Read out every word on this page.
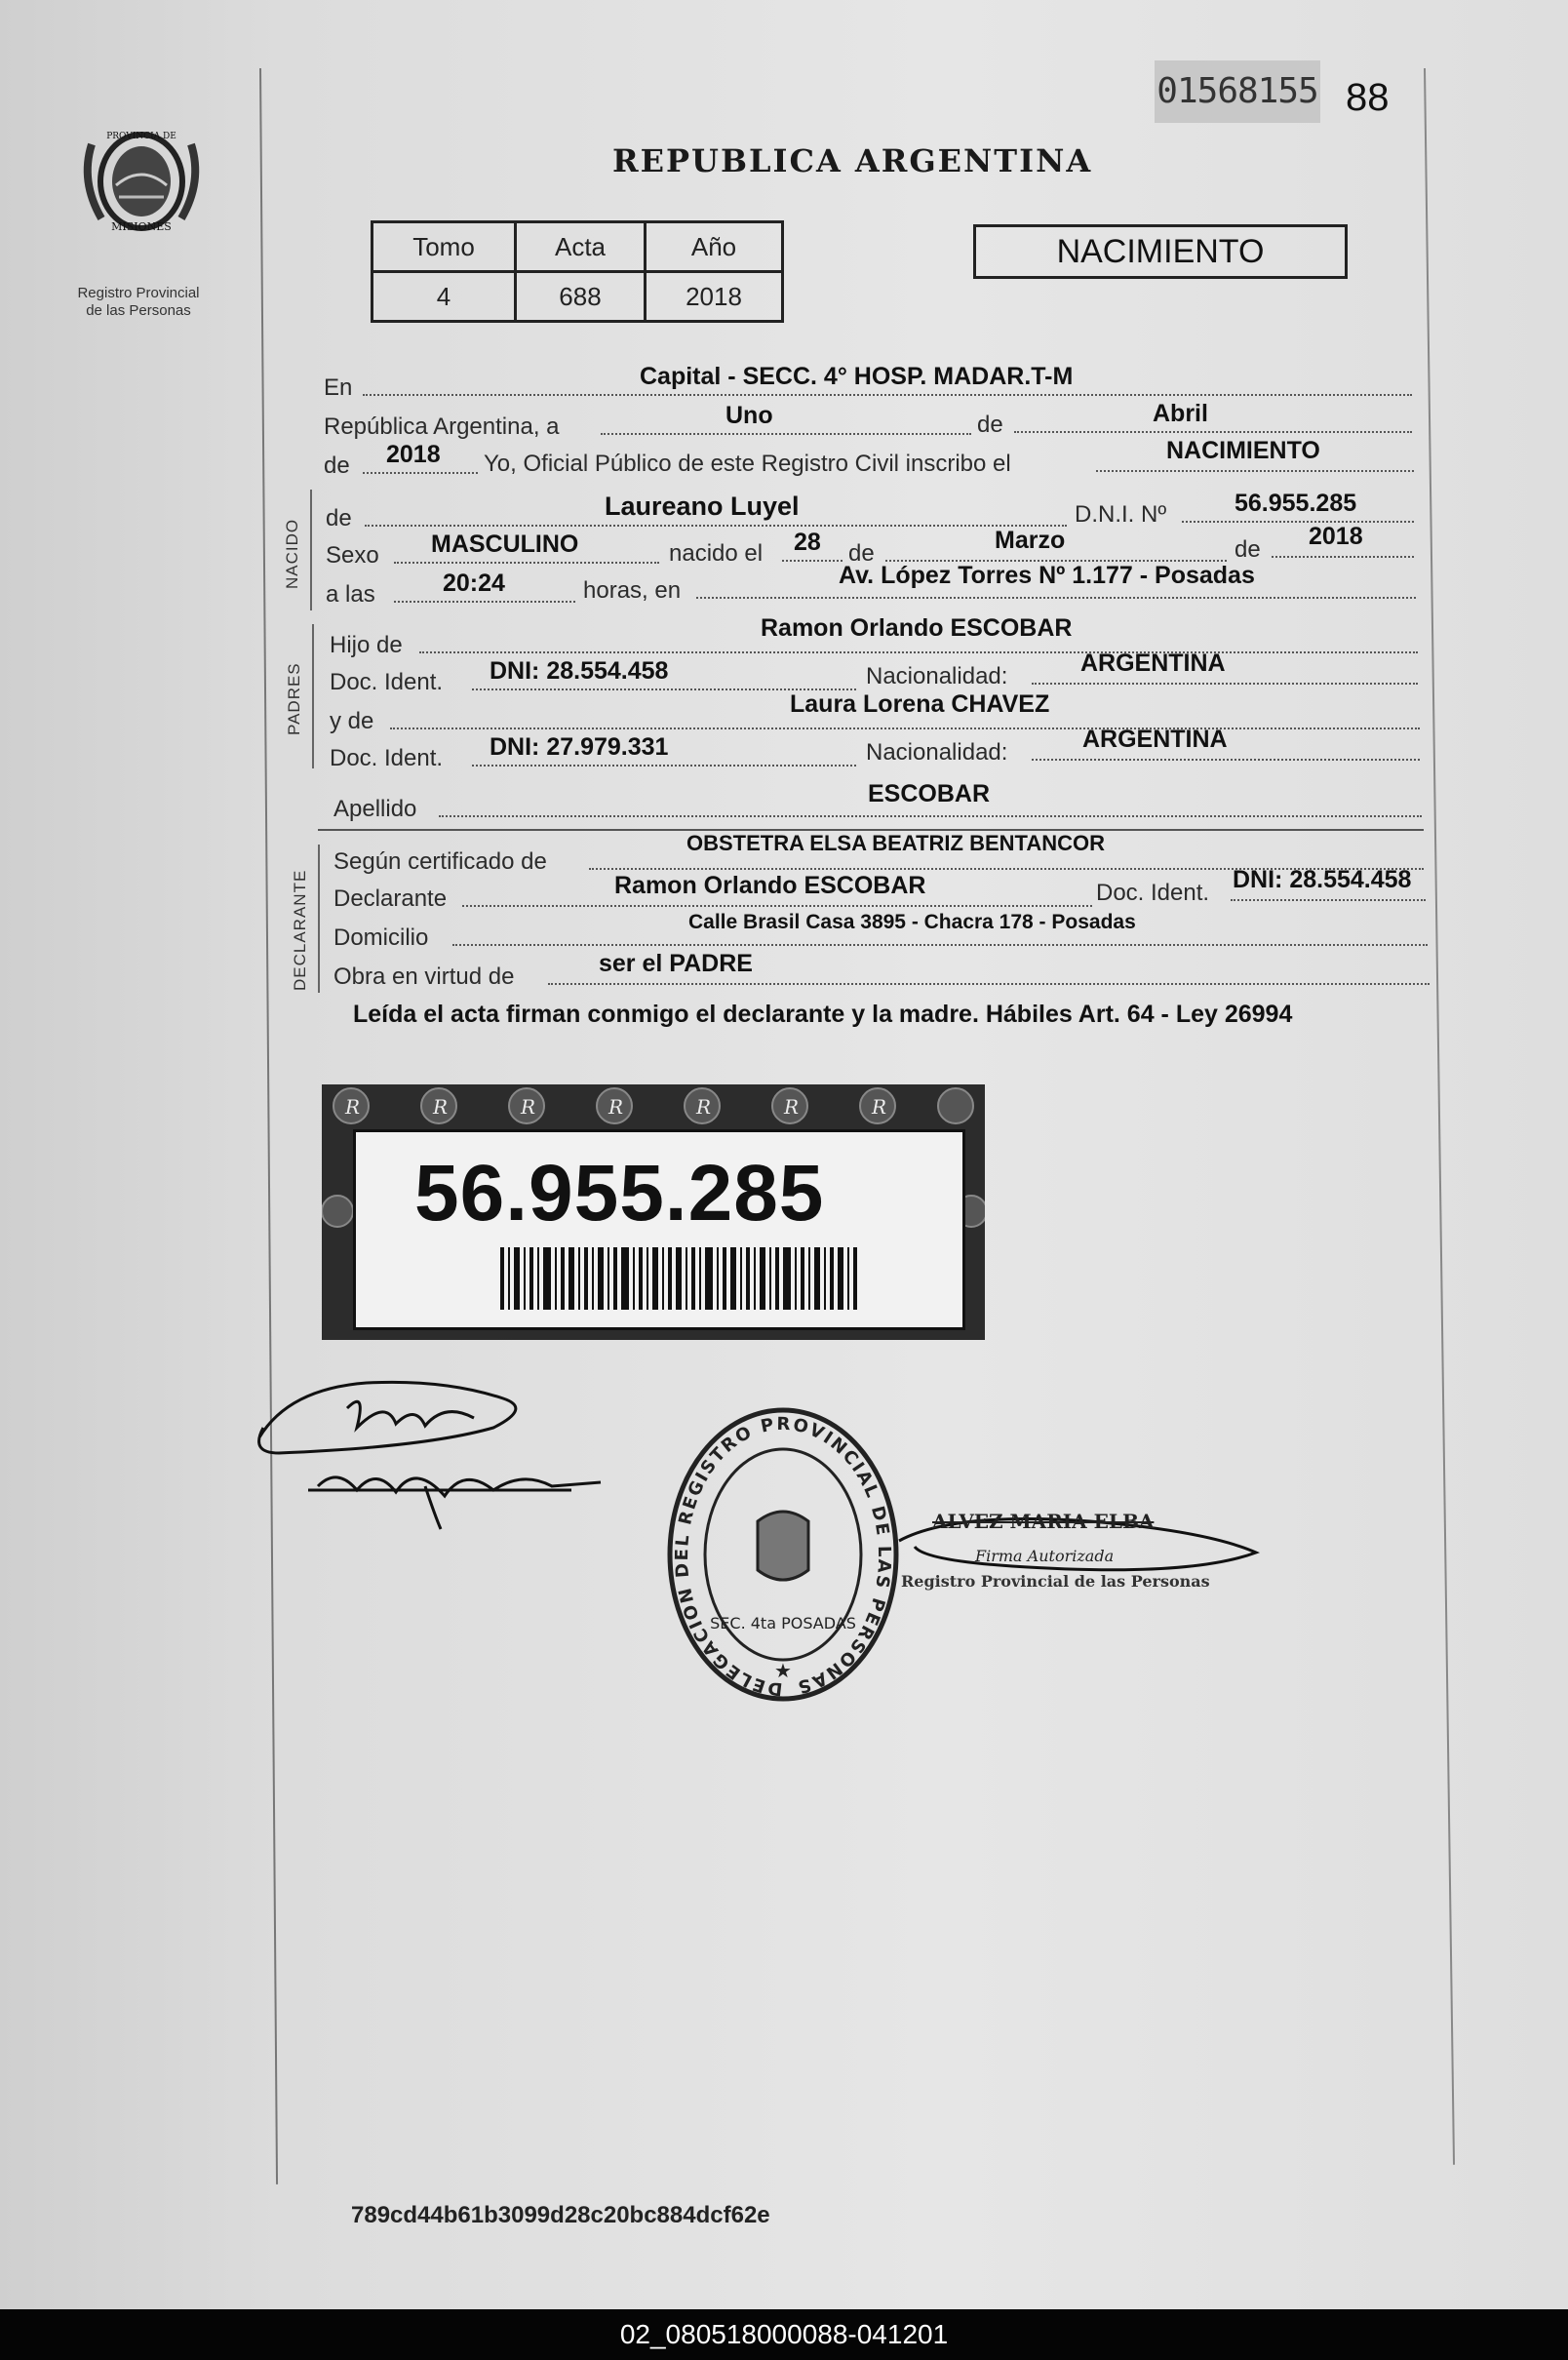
PROVINCIA DE
MISIONES
Registro Provincial
de las Personas
01568155 88
REPUBLICA ARGENTINA
Tomo	Acta	Año
4	688	2018
NACIMIENTO
En	Capital - SECC. 4° HOSP. MADAR.T-M
República Argentina, a	Uno	de	Abril
de 2018 Yo, Oficial Público de este Registro Civil inscribo el	NACIMIENTO
NACIDO
de	Laureano Luyel	D.N.I. Nº	56.955.285
Sexo MASCULINO	nacido el 28 de	Marzo	de 2018
a las	20:24	horas, en
Av. López Torres Nº 1.177 - Posadas
PADRES
Hijo de
Ramon Orlando ESCOBAR
Doc. Ident. DNI: 28.554.458	Nacionalidad:	ARGENTINA
y de
Laura Lorena CHAVEZ
Doc. Ident. DNI: 27.979.331	Nacionalidad:	ARGENTINA
Apellido
ESCOBAR
DECLARANTE
Según certificado de
OBSTETRA ELSA BEATRIZ BENTANCOR
Declarante	Ramon Orlando ESCOBAR	Doc. Ident. DNI: 28.554.458
Domicilio
Calle Brasil Casa 3895 - Chacra 178 - Posadas
Obra en virtud de	ser el PADRE
Leída el acta firman conmigo el declarante y la madre. Hábiles Art. 64 - Ley 26994
R	R	R	R	R	R	R
56.955.285
DELEGACION DEL REGISTRO PROVINCIAL DE LAS PERSONAS
SEC. 4ta POSADAS
★
ALVEZ MARIA ELBA
Firma Autorizada
Registro Provincial de las Personas
789cd44b61b3099d28c20bc884dcf62e
02_080518000088-041201
